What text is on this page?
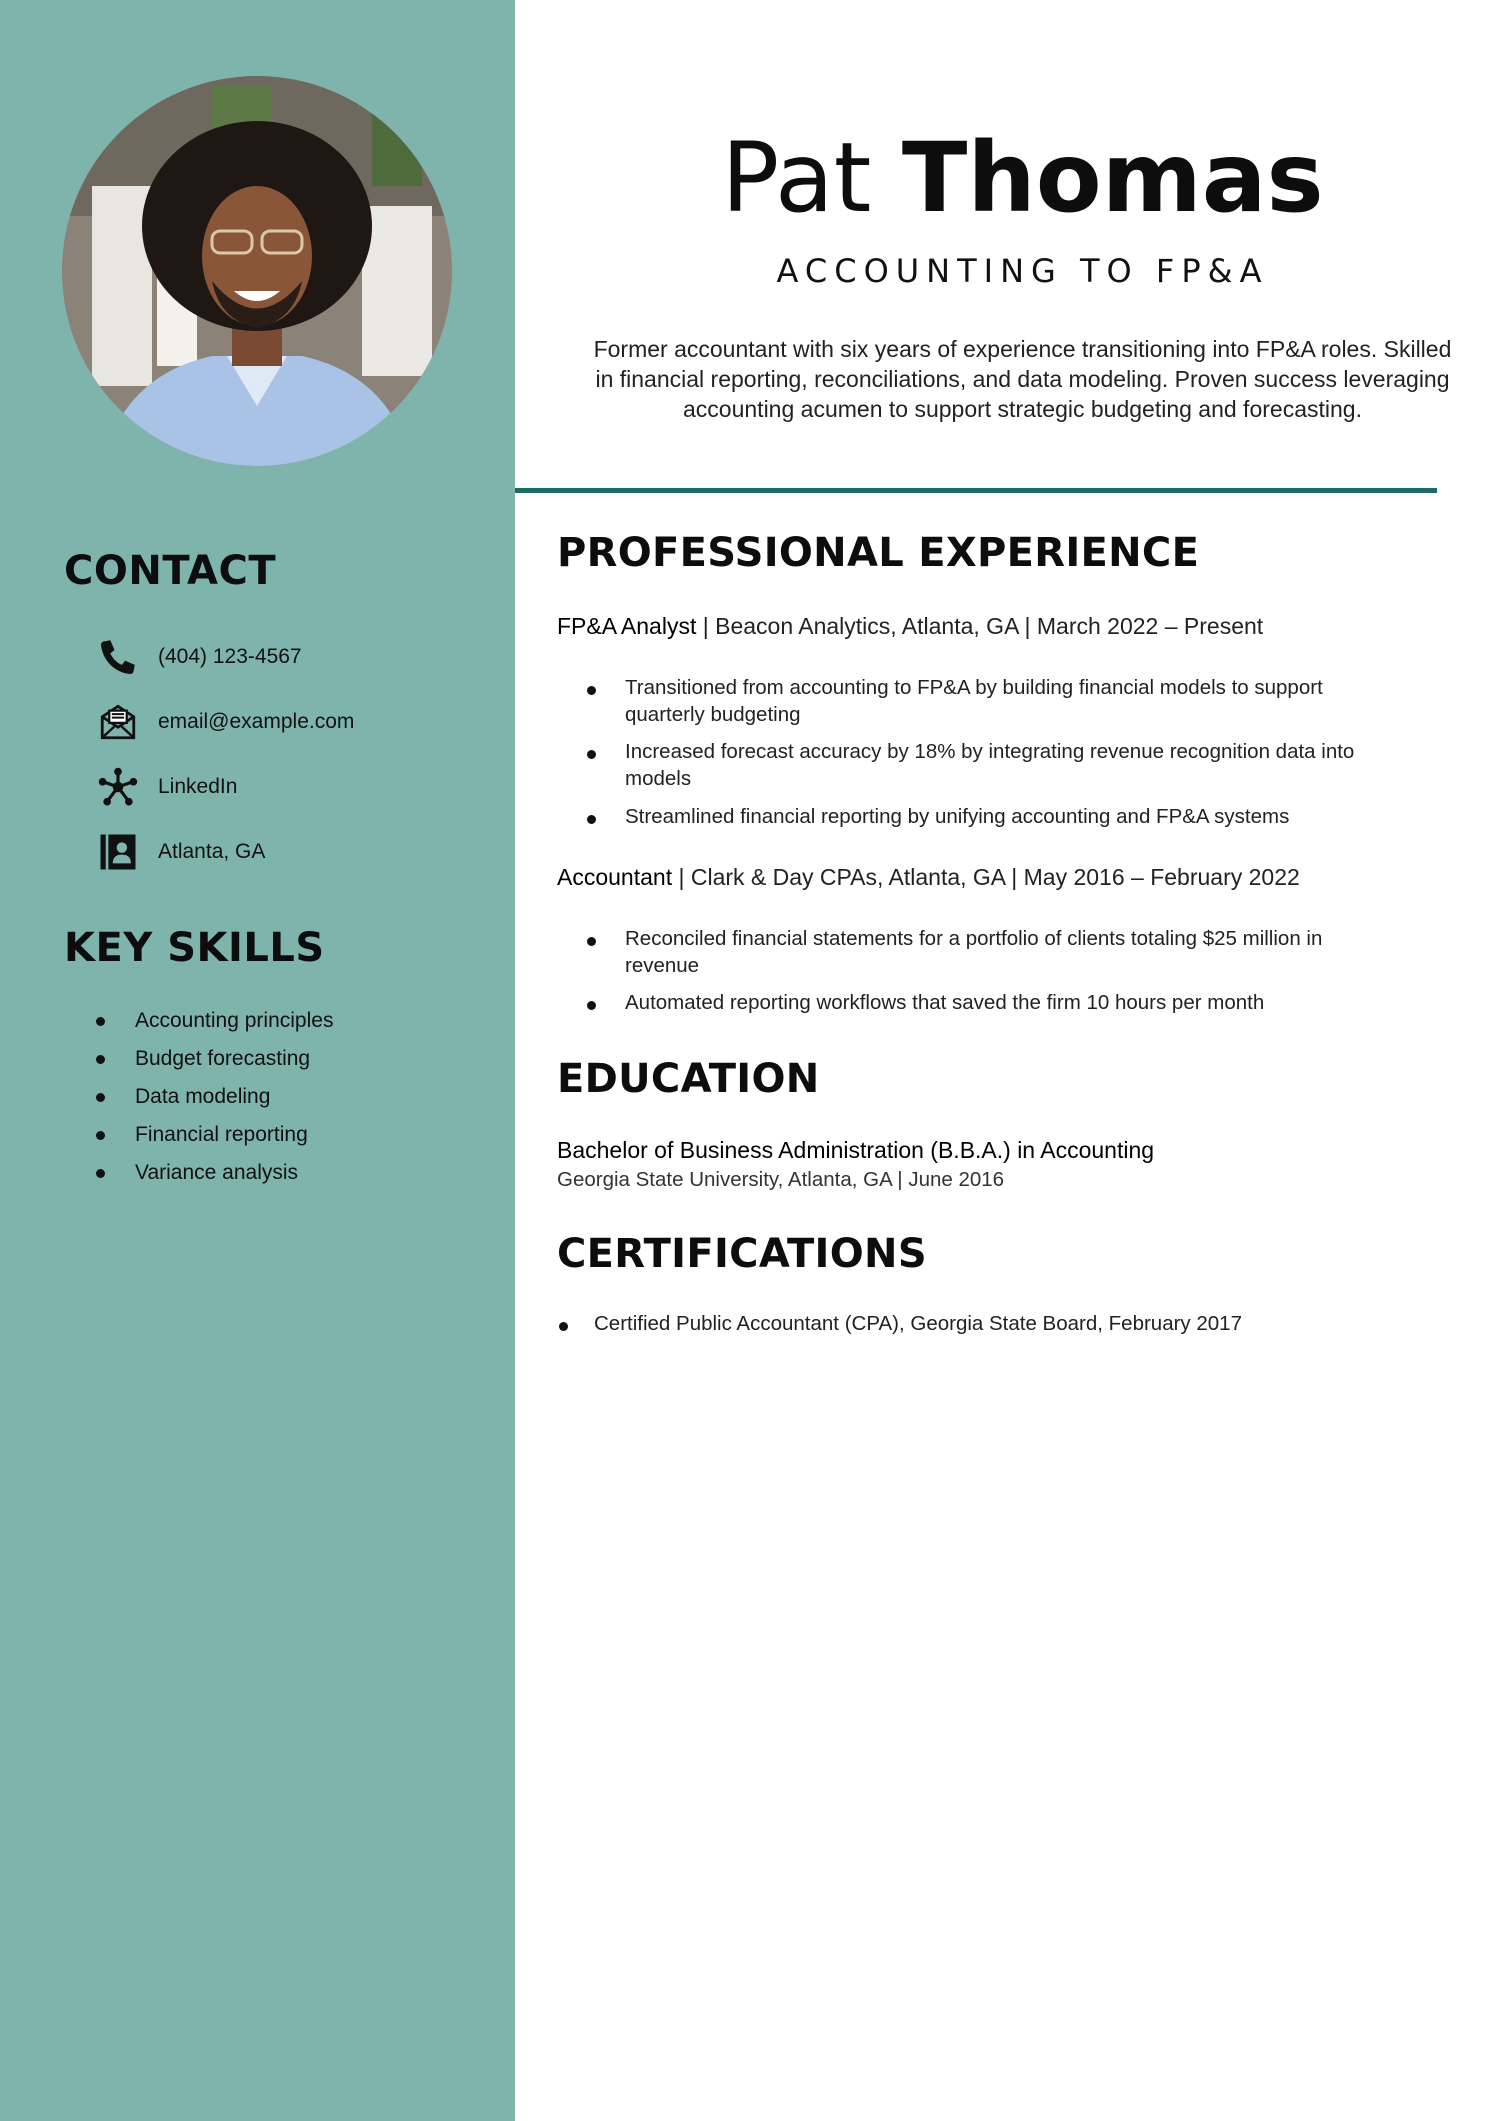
CONTACT
(404) 123-4567
email@example.com
LinkedIn
Atlanta, GA
KEY SKILLS
Accounting principles
Budget forecasting
Data modeling
Financial reporting
Variance analysis
Pat Thomas
ACCOUNTING TO FP&A
Former accountant with six years of experience transitioning into FP&A roles. Skilled in financial reporting, reconciliations, and data modeling. Proven success leveraging accounting acumen to support strategic budgeting and forecasting.
PROFESSIONAL EXPERIENCE
FP&A Analyst | Beacon Analytics, Atlanta, GA | March 2022 – Present
Transitioned from accounting to FP&A by building financial models to support quarterly budgeting
Increased forecast accuracy by 18% by integrating revenue recognition data into models
Streamlined financial reporting by unifying accounting and FP&A systems
Accountant | Clark & Day CPAs, Atlanta, GA | May 2016 – February 2022
Reconciled financial statements for a portfolio of clients totaling $25 million in revenue
Automated reporting workflows that saved the firm 10 hours per month
EDUCATION
Bachelor of Business Administration (B.B.A.) in Accounting
Georgia State University, Atlanta, GA | June 2016
CERTIFICATIONS
Certified Public Accountant (CPA), Georgia State Board, February 2017
